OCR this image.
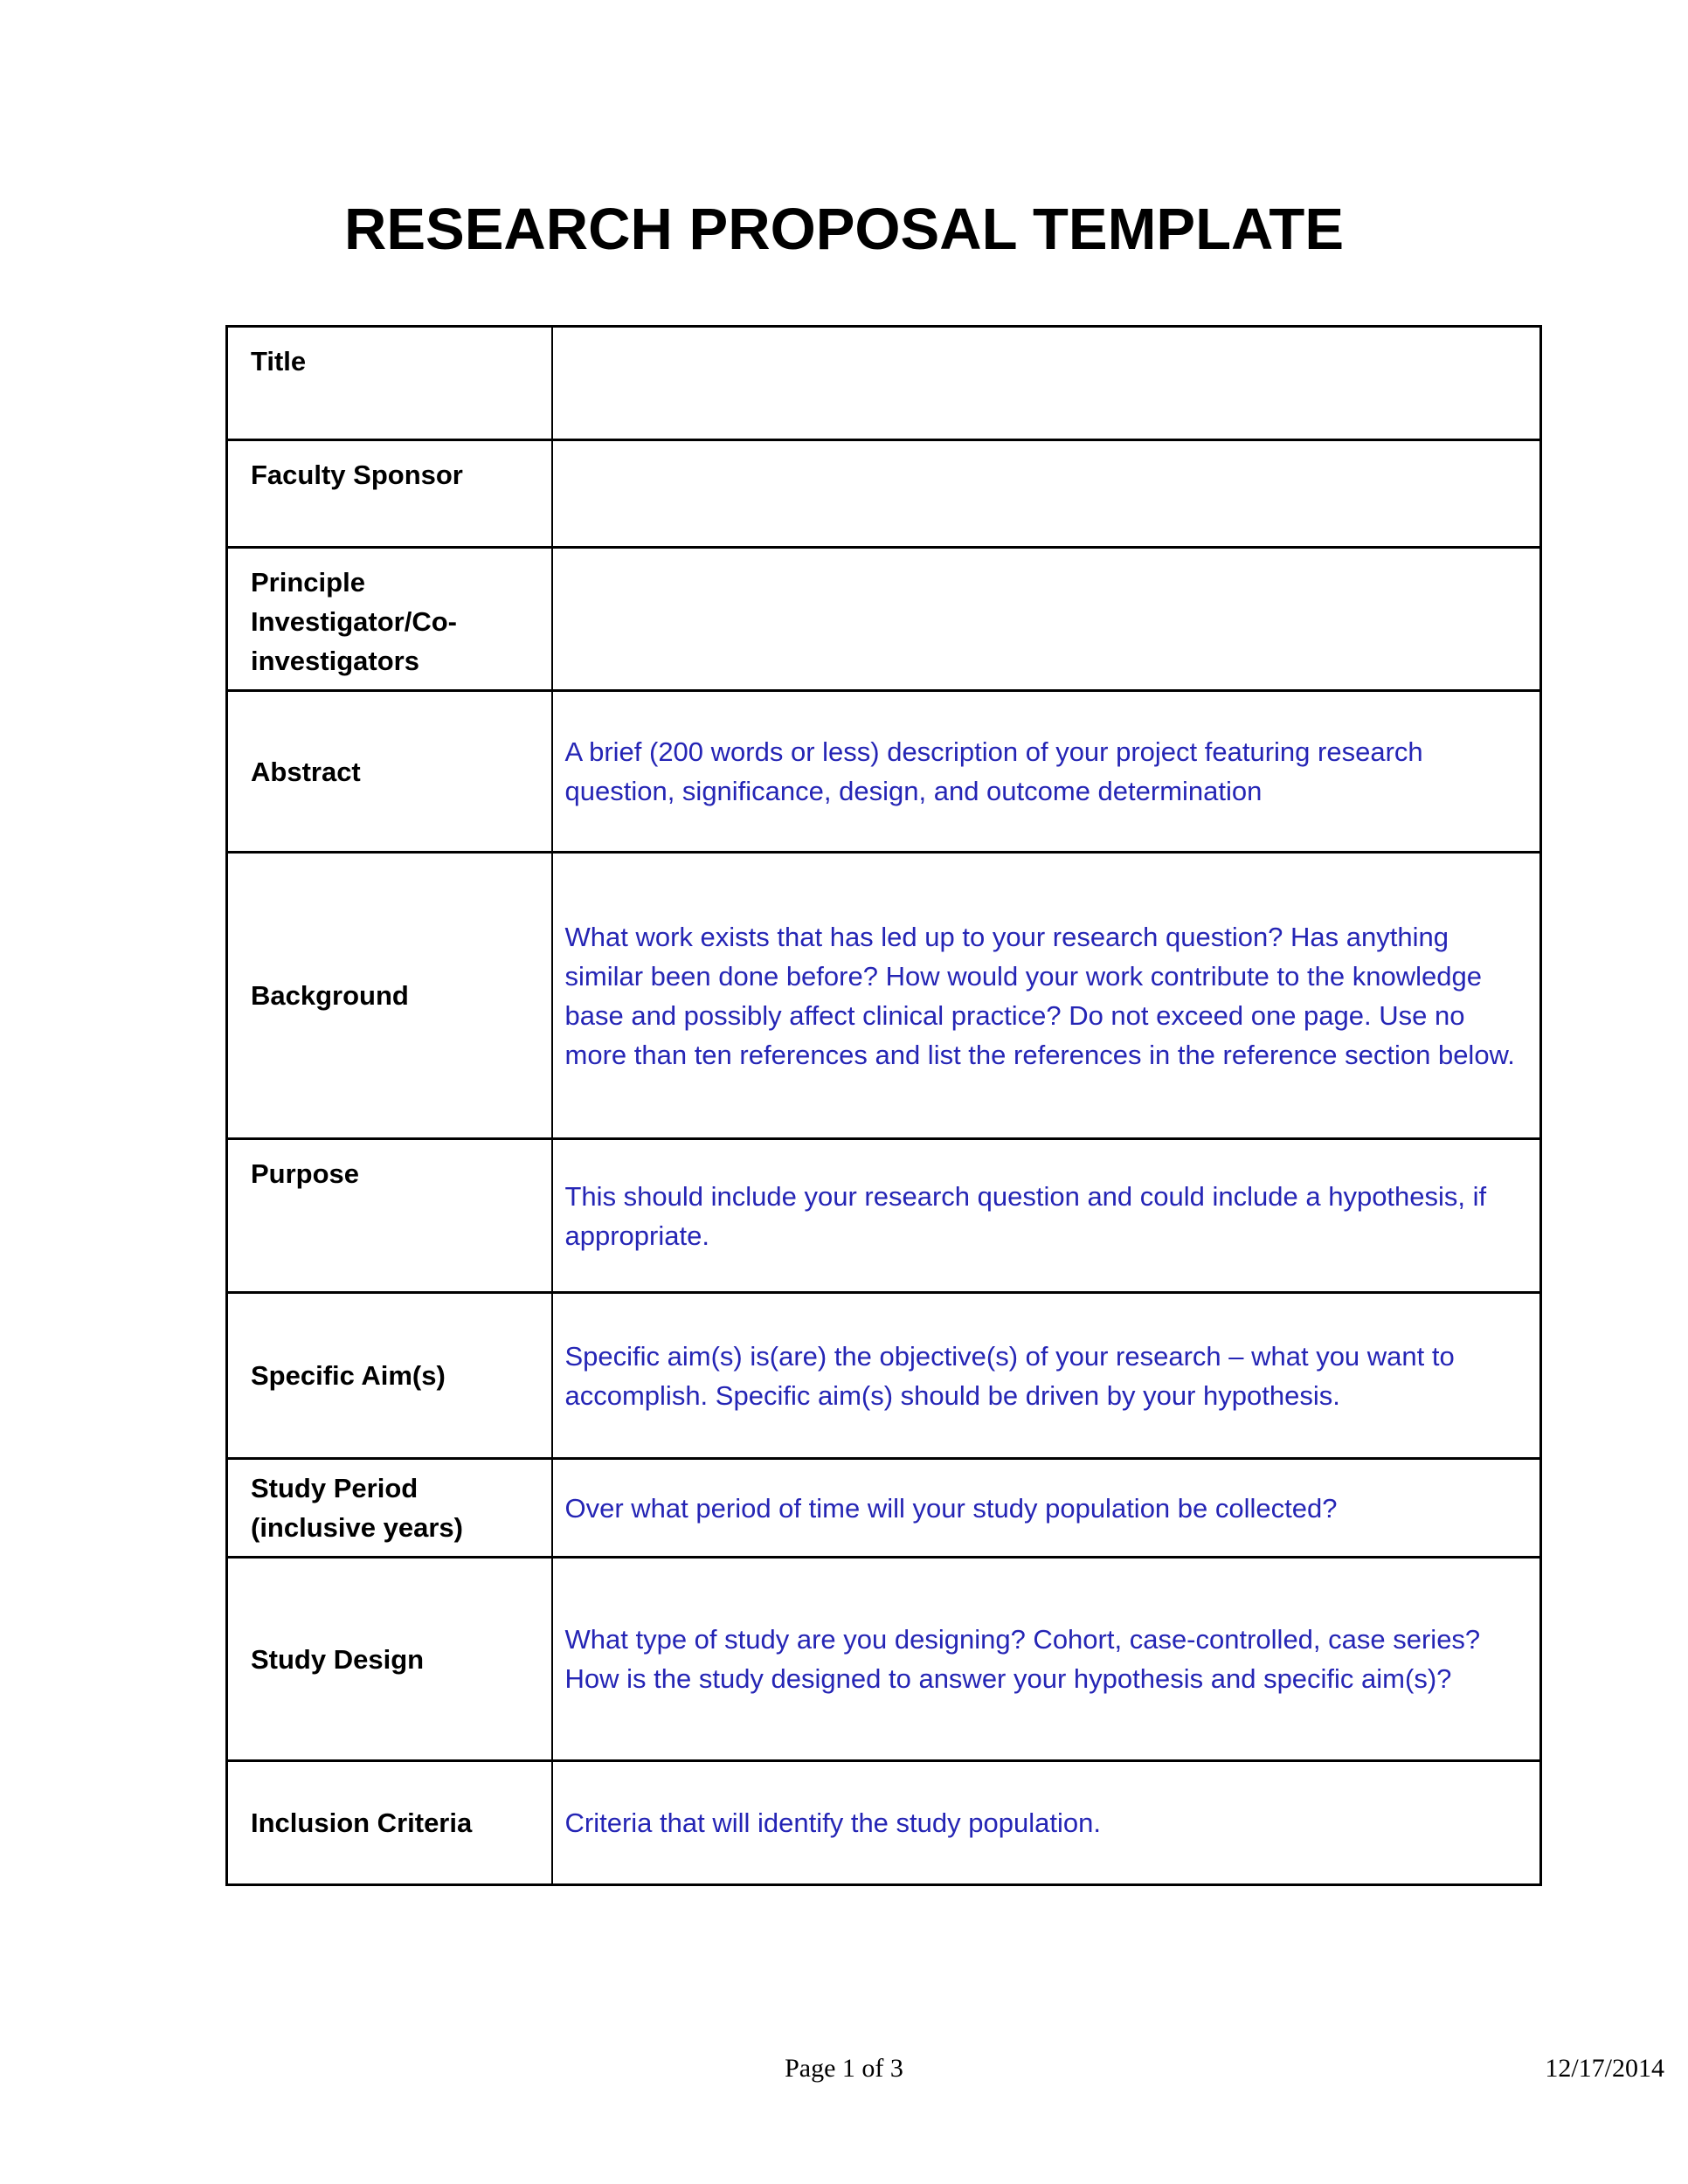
RESEARCH PROPOSAL TEMPLATE
Title	
Faculty Sponsor	
Principle Investigator/Co-investigators	
Abstract	A brief (200 words or less) description of your project featuring research question, significance, design, and outcome determination
Background	What work exists that has led up to your research question? Has anything similar been done before? How would your work contribute to the knowledge base and possibly affect clinical practice? Do not exceed one page. Use no more than ten references and list the references in the reference section below.
Purpose	This should include your research question and could include a hypothesis, if appropriate.
Specific Aim(s)	Specific aim(s) is(are) the objective(s) of your research – what you want to accomplish. Specific aim(s) should be driven by your hypothesis.
Study Period (inclusive years)	Over what period of time will your study population be collected?
Study Design	What type of study are you designing? Cohort, case-controlled, case series? How is the study designed to answer your hypothesis and specific aim(s)?
Inclusion Criteria	Criteria that will identify the study population.
Page 1 of 3	12/17/2014
